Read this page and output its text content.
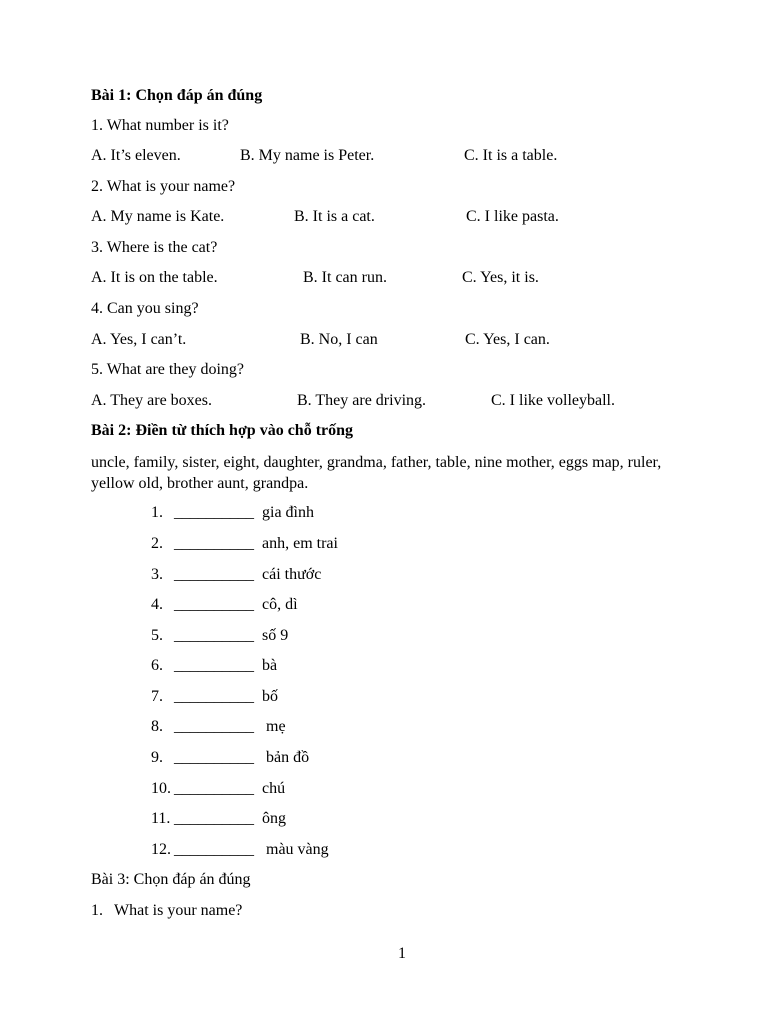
Bài 1: Chọn đáp án đúng
1. What number is it?
A. It’s eleven.	B. My name is Peter.	C. It is a table.
2. What is your name?
A. My name is Kate.	B. It is a cat.	C. I like pasta.
3. Where is the cat?
A. It is on the table.	B. It can run.	C. Yes, it is.
4. Can you sing?
A. Yes, I can’t.	B. No, I can	C. Yes, I can.
5. What are they doing?
A. They are boxes.	B. They are driving.	C. I like volleyball.
Bài 2: Điền từ thích hợp vào chỗ trống
uncle, family, sister, eight, daughter, grandma, father, table, nine mother, eggs map, ruler, yellow old, brother aunt, grandpa.
1. __________ gia đình
2. __________ anh, em trai
3. __________ cái thước
4. __________ cô, dì
5. __________ số 9
6. __________ bà
7. __________ bố
8. __________ mẹ
9. __________ bản đồ
10. __________ chú
11. __________ ông
12. __________ màu vàng
Bài 3: Chọn đáp án đúng
1. What is your name?
1
